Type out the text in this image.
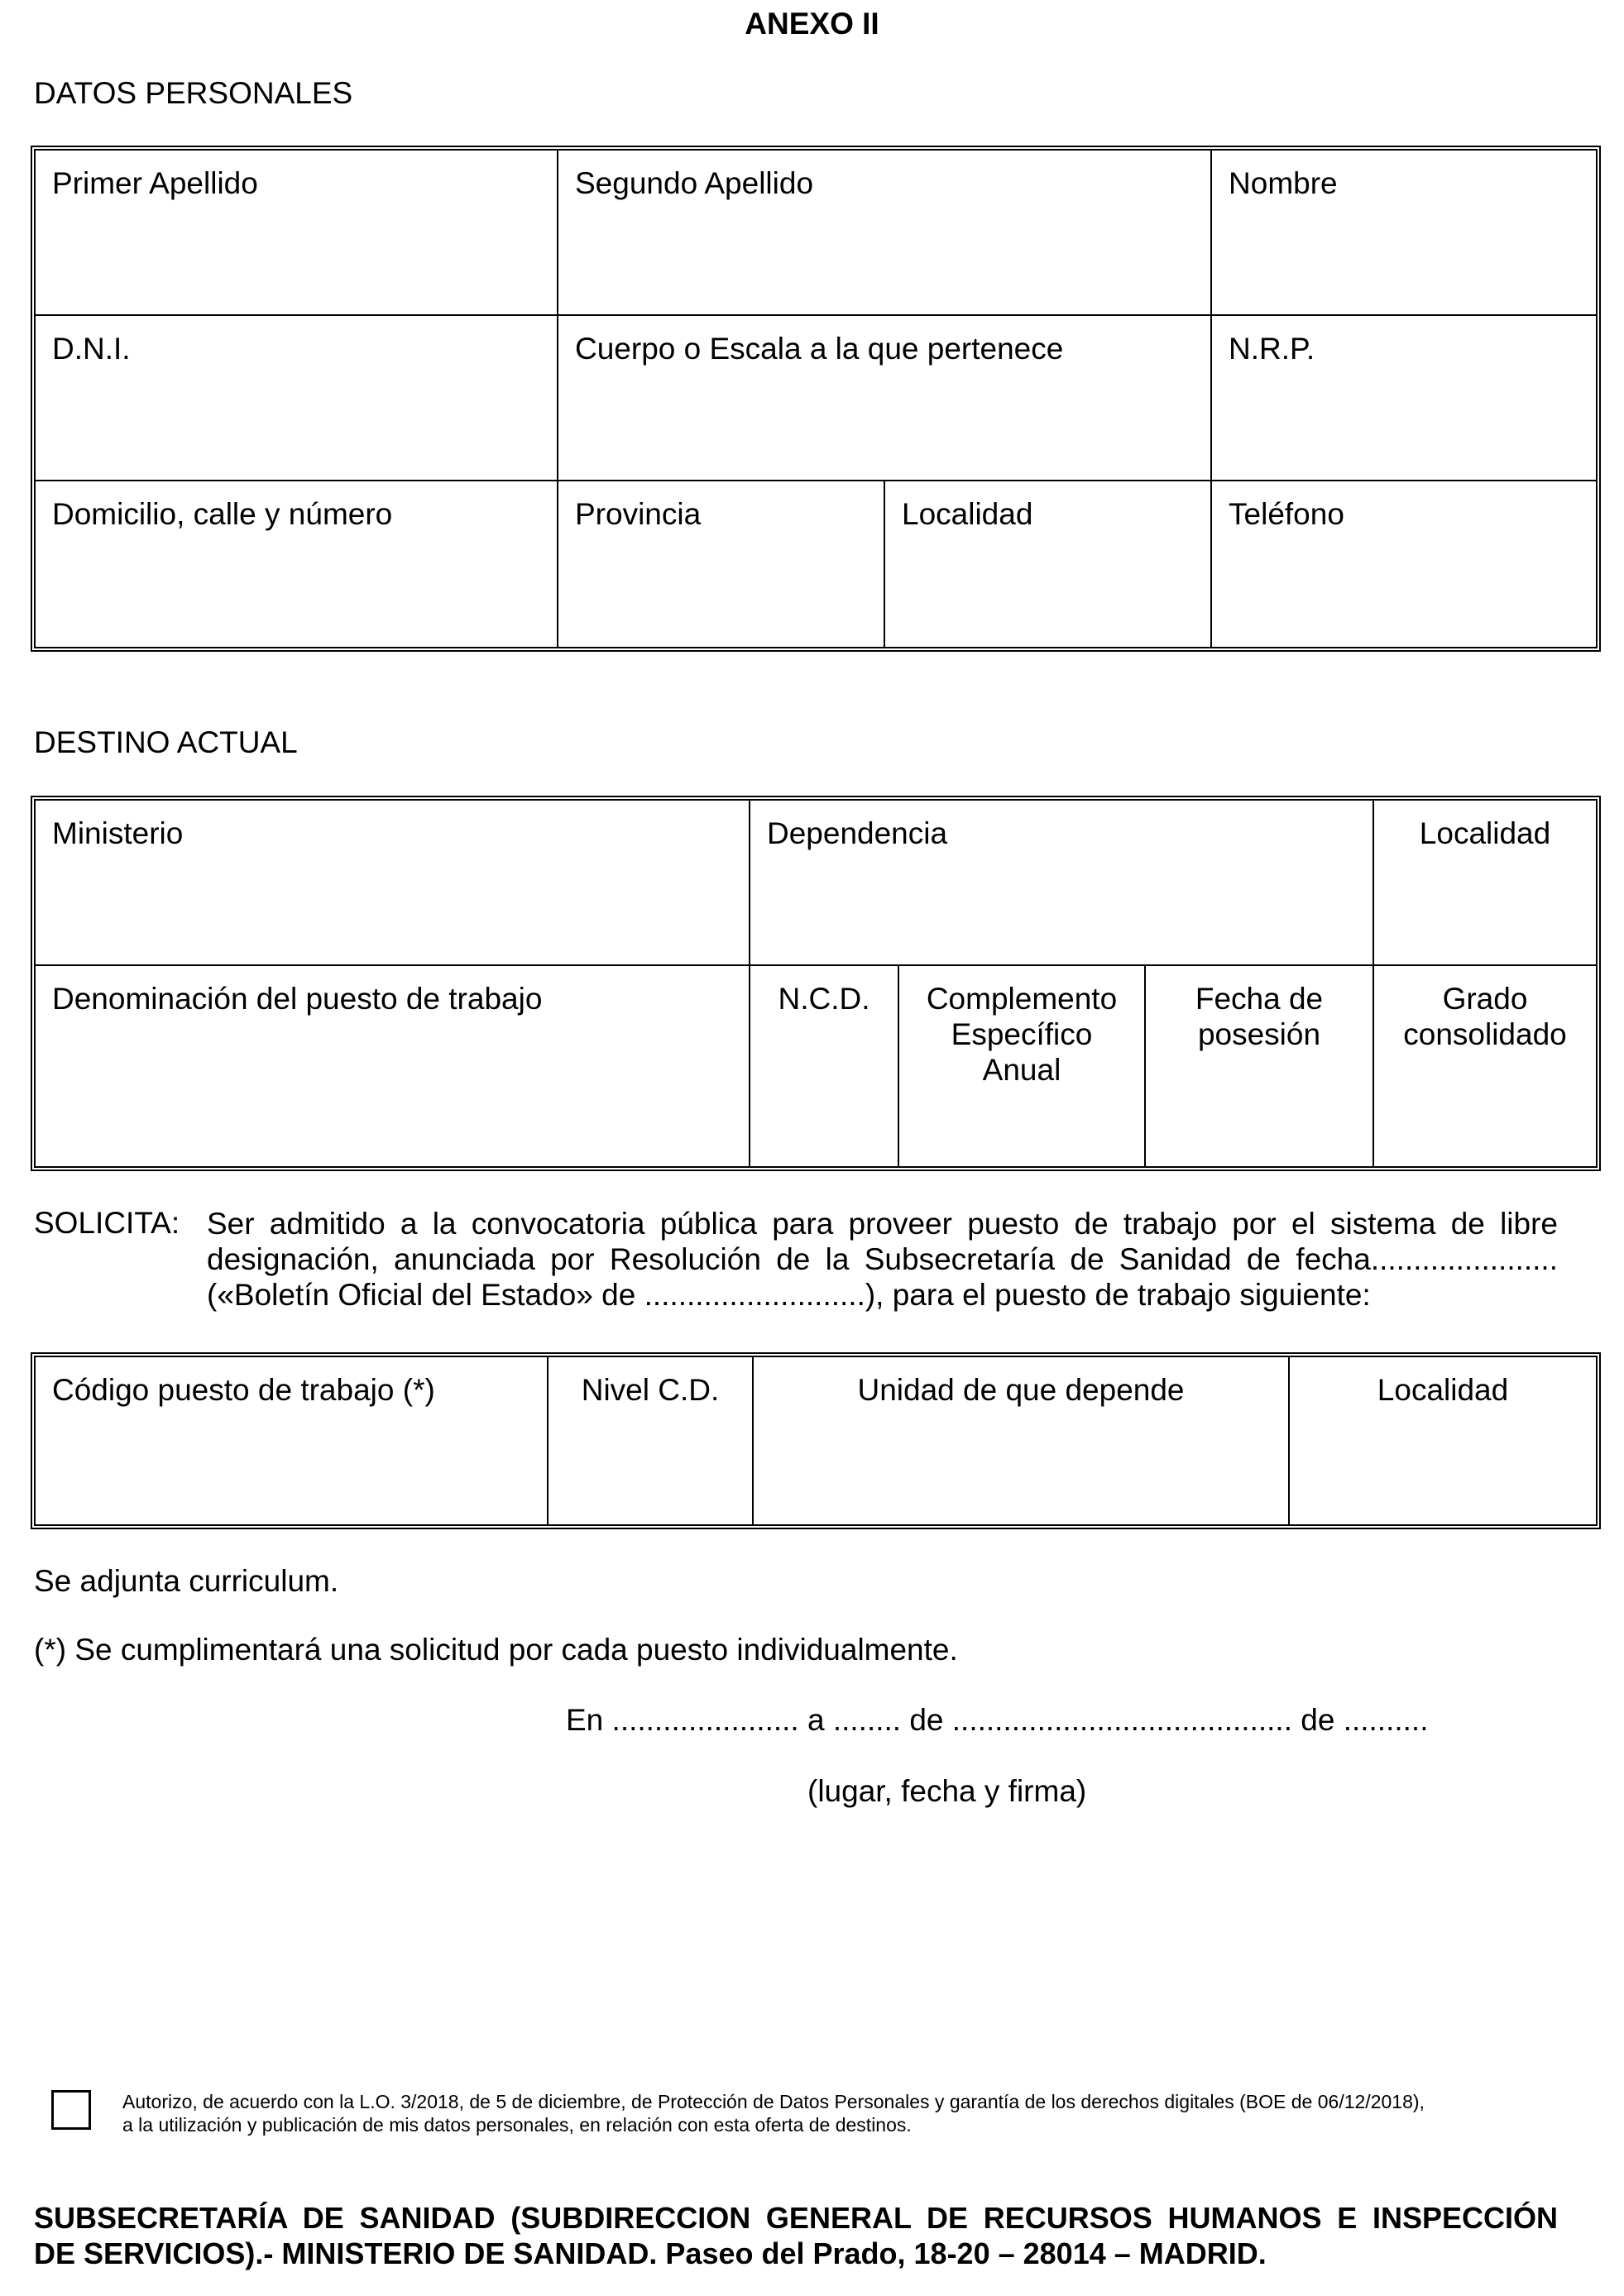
ANEXO II
DATOS PERSONALES
Primer Apellido	Segundo Apellido		Nombre
D.N.I.	Cuerpo o Escala a la que pertenece		N.R.P.
Domicilio, calle y número	Provincia	Localidad	Teléfono
DESTINO ACTUAL
Ministerio	Dependencia			Localidad
Denominación del puesto de trabajo	N.C.D.	Complemento Específico Anual	Fecha de posesión	Grado consolidado
SOLICITA: Ser admitido a la convocatoria pública para proveer puesto de trabajo por el sistema de libre
designación, anunciada por Resolución de la Subsecretaría de Sanidad de fecha......................
(«Boletín Oficial del Estado» de ..........................), para el puesto de trabajo siguiente:
Código puesto de trabajo (*)	Nivel C.D.	Unidad de que depende	Localidad
Se adjunta curriculum.
(*) Se cumplimentará una solicitud por cada puesto individualmente.
En ...................... a ........ de ........................................ de ..........
(lugar, fecha y firma)
Autorizo, de acuerdo con la L.O. 3/2018, de 5 de diciembre, de Protección de Datos Personales y garantía de los derechos digitales (BOE de 06/12/2018),
a la utilización y publicación de mis datos personales, en relación con esta oferta de destinos.
SUBSECRETARÍA DE SANIDAD (SUBDIRECCION GENERAL DE RECURSOS HUMANOS E INSPECCIÓN
DE SERVICIOS).- MINISTERIO DE SANIDAD. Paseo del Prado, 18-20 – 28014 – MADRID.
